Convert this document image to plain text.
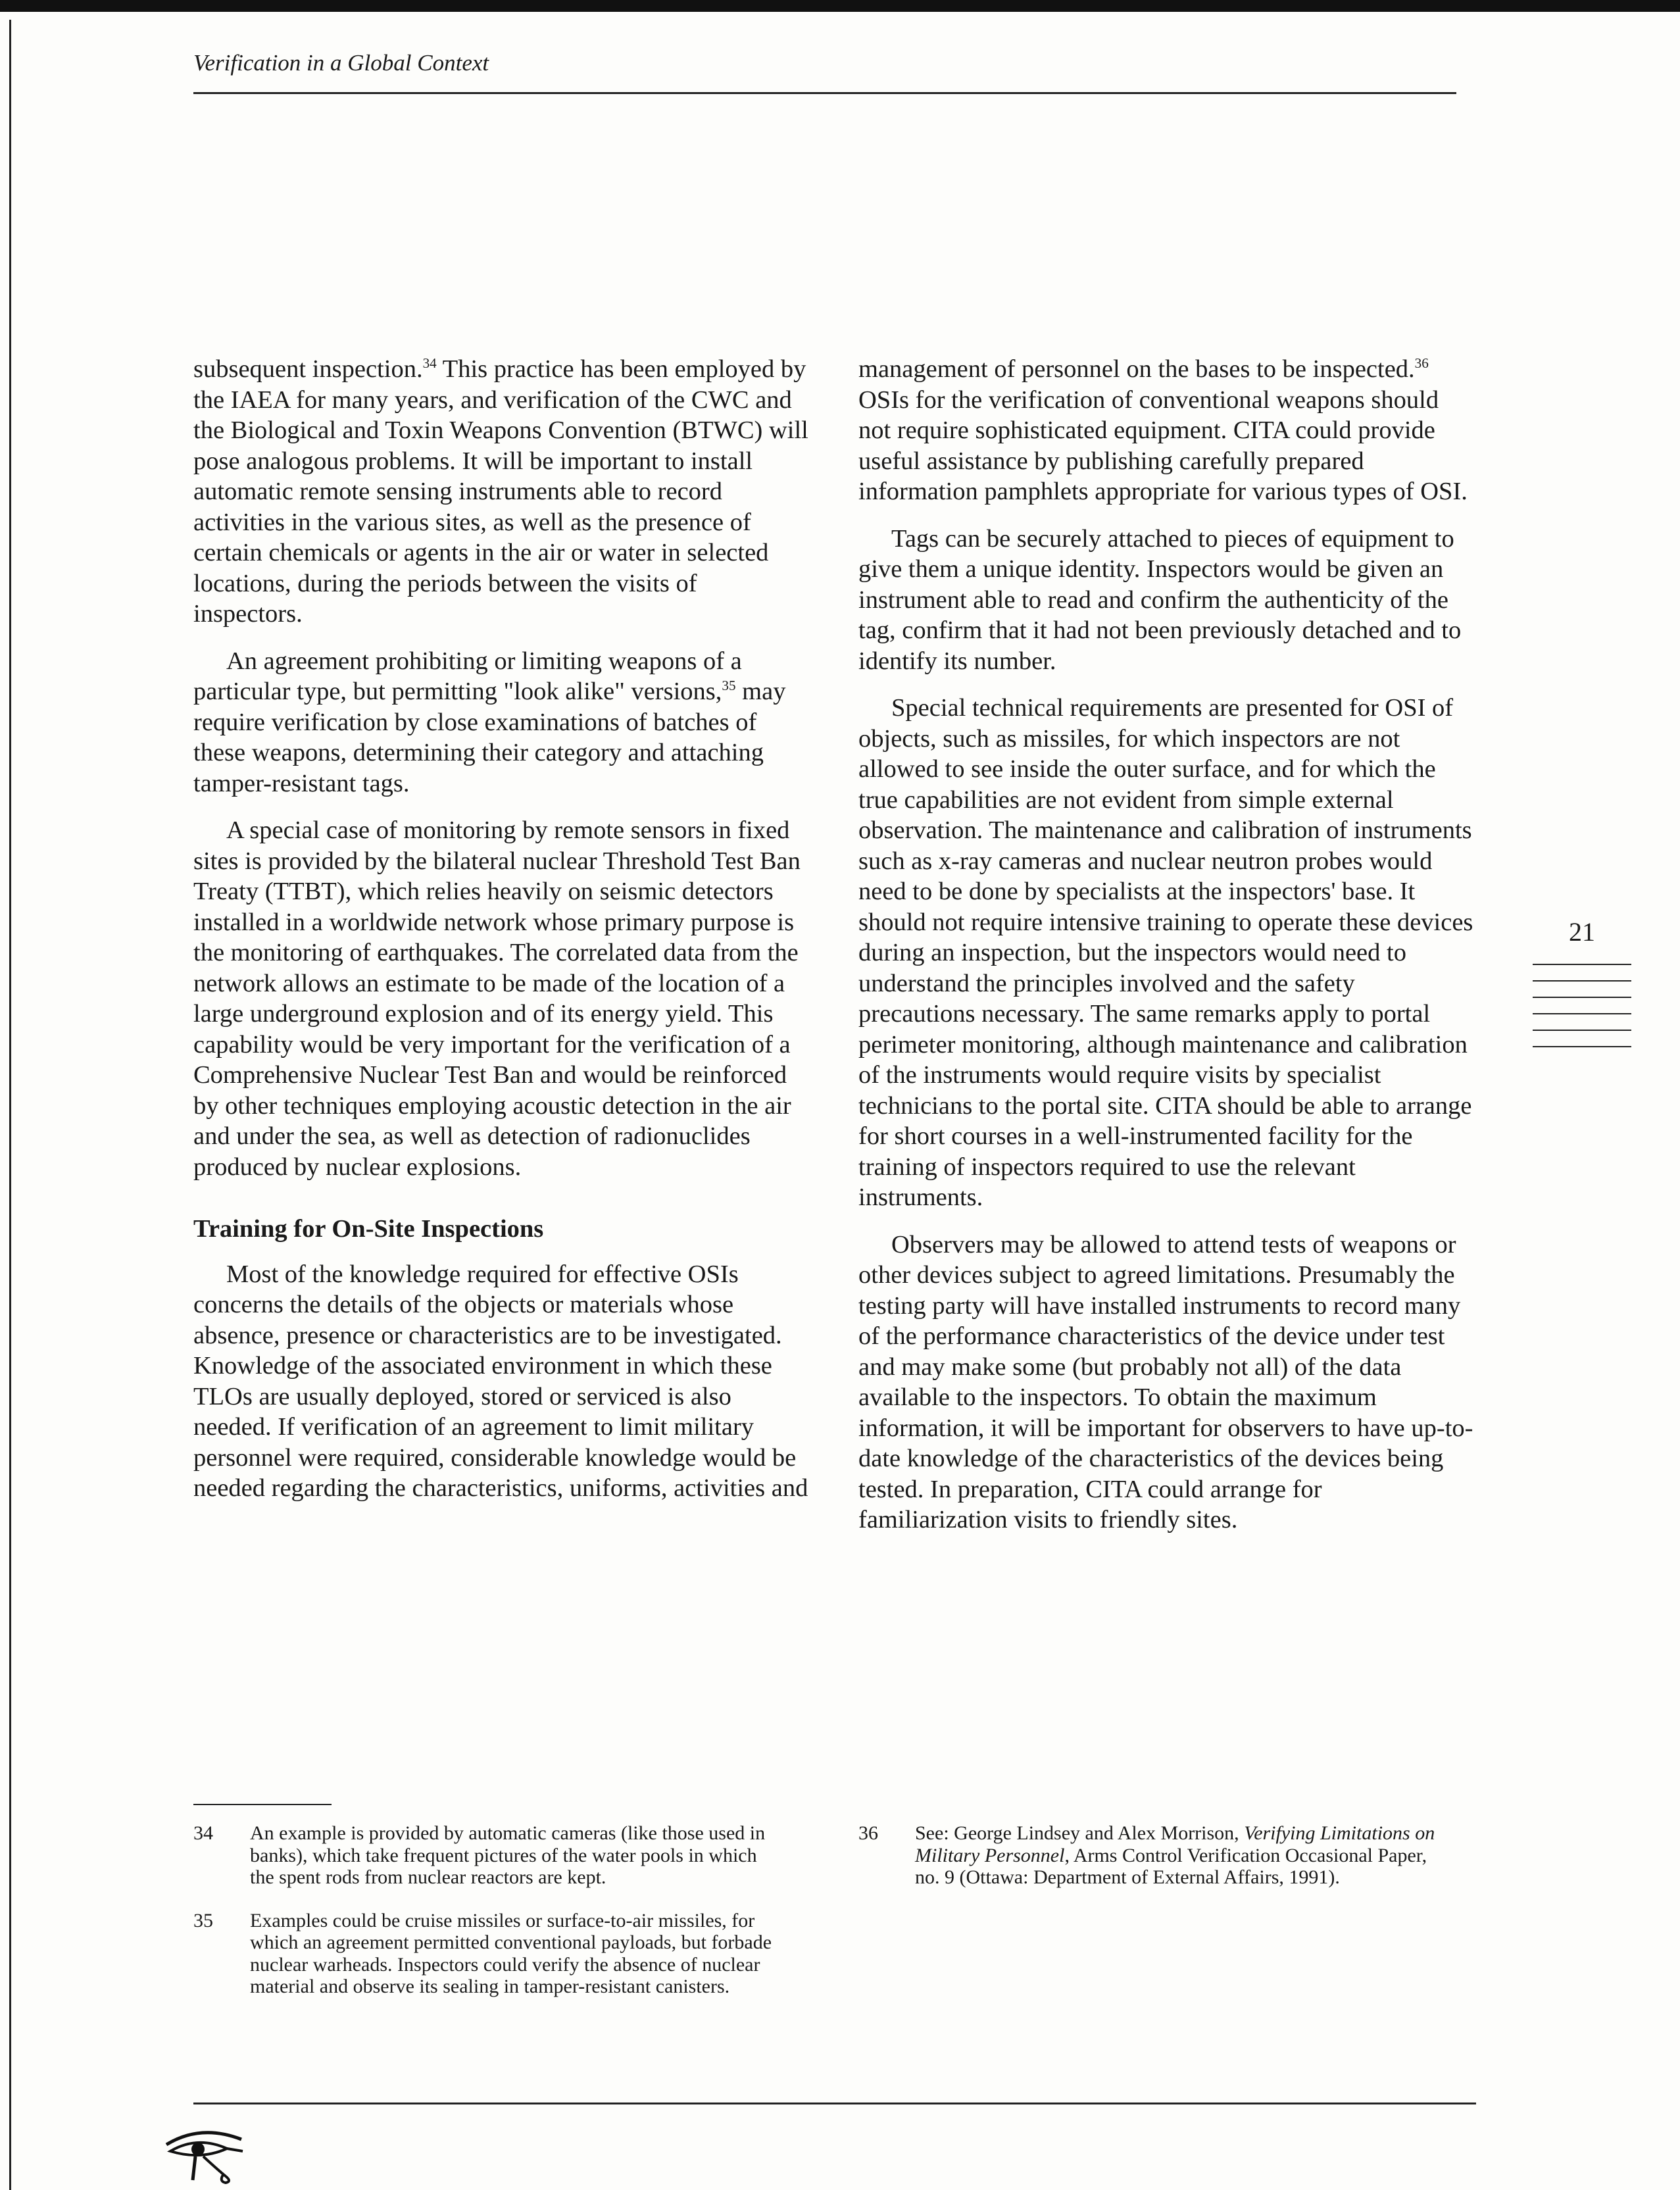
Verification in a Global Context

subsequent inspection.$^{34}$ This practice has been employed by the IAEA for many years, and verification of the CWC and the Biological and Toxin Weapons Convention (BTWC) will pose analogous problems. It will be important to install automatic remote sensing instruments able to record activities in the various sites, as well as the presence of certain chemicals or agents in the air or water in selected locations, during the periods between the visits of inspectors.

An agreement prohibiting or limiting weapons of a particular type, but permitting "look alike" versions,$^{35}$ may require verification by close examinations of batches of these weapons, determining their category and attaching tamper-resistant tags.

A special case of monitoring by remote sensors in fixed sites is provided by the bilateral nuclear Threshold Test Ban Treaty (TTBT), which relies heavily on seismic detectors installed in a worldwide network whose primary purpose is the monitoring of earthquakes. The correlated data from the network allows an estimate to be made of the location of a large underground explosion and of its energy yield. This capability would be very important for the verification of a Comprehensive Nuclear Test Ban and would be reinforced by other techniques employing acoustic detection in the air and under the sea, as well as detection of radionuclides produced by nuclear explosions.

Training for On-Site Inspections

Most of the knowledge required for effective OSIs concerns the details of the objects or materials whose absence, presence or characteristics are to be investigated. Knowledge of the associated environment in which these TLOs are usually deployed, stored or serviced is also needed. If verification of an agreement to limit military personnel were required, considerable knowledge would be needed regarding the characteristics, uniforms, activities and

management of personnel on the bases to be inspected.$^{36}$ OSIs for the verification of conventional weapons should not require sophisticated equipment. CITA could provide useful assistance by publishing carefully prepared information pamphlets appropriate for various types of OSI.

Tags can be securely attached to pieces of equipment to give them a unique identity. Inspectors would be given an instrument able to read and confirm the authenticity of the tag, confirm that it had not been previously detached and to identify its number.

Special technical requirements are presented for OSI of objects, such as missiles, for which inspectors are not allowed to see inside the outer surface, and for which the true capabilities are not evident from simple external observation. The maintenance and calibration of instruments such as x-ray cameras and nuclear neutron probes would need to be done by specialists at the inspectors' base. It should not require intensive training to operate these devices during an inspection, but the inspectors would need to understand the principles involved and the safety precautions necessary. The same remarks apply to portal perimeter monitoring, although maintenance and calibration of the instruments would require visits by specialist technicians to the portal site. CITA should be able to arrange for short courses in a well-instrumented facility for the training of inspectors required to use the relevant instruments.

Observers may be allowed to attend tests of weapons or other devices subject to agreed limitations. Presumably the testing party will have installed instruments to record many of the performance characteristics of the device under test and may make some (but probably not all) of the data available to the inspectors. To obtain the maximum information, it will be important for observers to have up-to-date knowledge of the characteristics of the devices being tested. In preparation, CITA could arrange for familiarization visits to friendly sites.

21
34 An example is provided by automatic cameras (like those used in banks), which take frequent pictures of the water pools in which the spent rods from nuclear reactors are kept.
35 Examples could be cruise missiles or surface-to-air missiles, for which an agreement permitted conventional payloads, but forbade nuclear warheads. Inspectors could verify the absence of nuclear material and observe its sealing in tamper-resistant canisters.
36 See: George Lindsey and Alex Morrison, Verifying Limitations on Military Personnel, Arms Control Verification Occasional Paper, no. 9 (Ottawa: Department of External Affairs, 1991).
